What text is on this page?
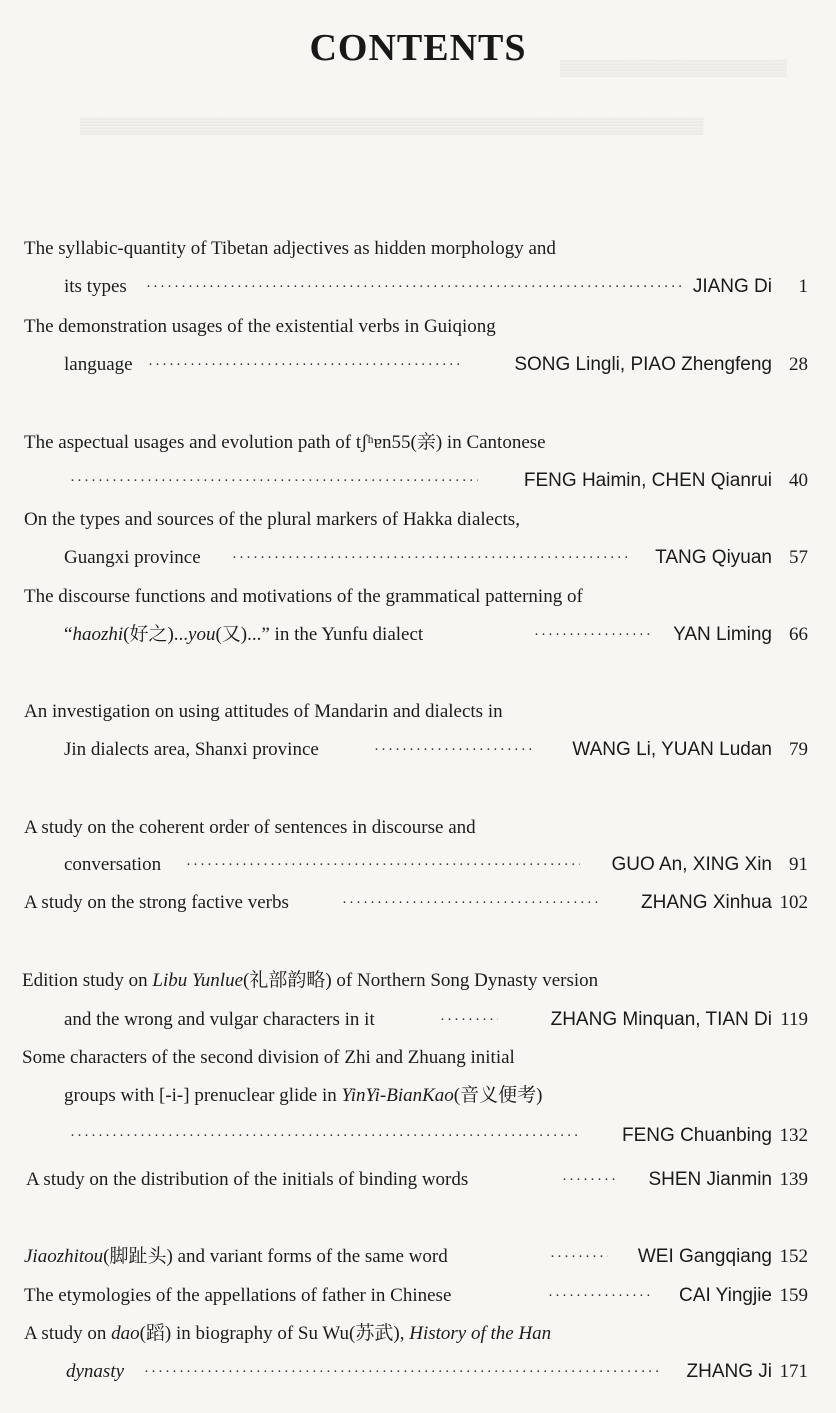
▒▒▒▒▒▒▒▒▒▒▒▒▒▒▒▒▒▒▒▒
▒▒▒▒▒▒▒▒▒▒▒▒▒▒▒▒▒▒▒▒▒▒▒▒▒▒▒▒▒▒▒▒▒▒▒▒▒▒▒▒▒▒▒▒▒▒▒▒▒▒▒▒▒▒▒
CONTENTS
The syllabic-quantity of Tibetan adjectives as hidden morphology and
its types ·····	JIANG Di	1
The demonstration usages of the existential verbs in Guiqiong
language ·····	SONG Lingli, PIAO Zhengfeng 28
The aspectual usages and evolution path of tʃʰɐn55(亲) in Cantonese
·····
FENG Haimin, CHEN Qianrui 40
On the types and sources of the plural markers of Hakka dialects,
Guangxi province ·····	TANG Qiyuan 57
The discourse functions and motivations of the grammatical patterning of
“haozhi(好之)...you(又)...” in the Yunfu dialect ·····	YAN Liming 66
An investigation on using attitudes of Mandarin and dialects in
Jin dialects area, Shanxi province ·····	WANG Li, YUAN Ludan 79
A study on the coherent order of sentences in discourse and
conversation ·····	GUO An, XING Xin 91
A study on the strong factive verbs ·····	ZHANG Xinhua 102
Edition study on Libu Yunlue(礼部韵略) of Northern Song Dynasty version
and the wrong and vulgar characters in it ·····	ZHANG Minquan, TIAN Di 119
Some characters of the second division of Zhi and Zhuang initial
groups with [-i-] prenuclear glide in YinYi-BianKao(音义便考)
·····
FENG Chuanbing 132
A study on the distribution of the initials of binding words ·····	SHEN Jianmin 139
Jiaozhitou(脚趾头) and variant forms of the same word ·····	WEI Gangqiang 152
The etymologies of the appellations of father in Chinese ·····	CAI Yingjie 159
A study on dao(蹈) in biography of Su Wu(苏武), History of the Han
dynasty ·····	ZHANG Ji 171
